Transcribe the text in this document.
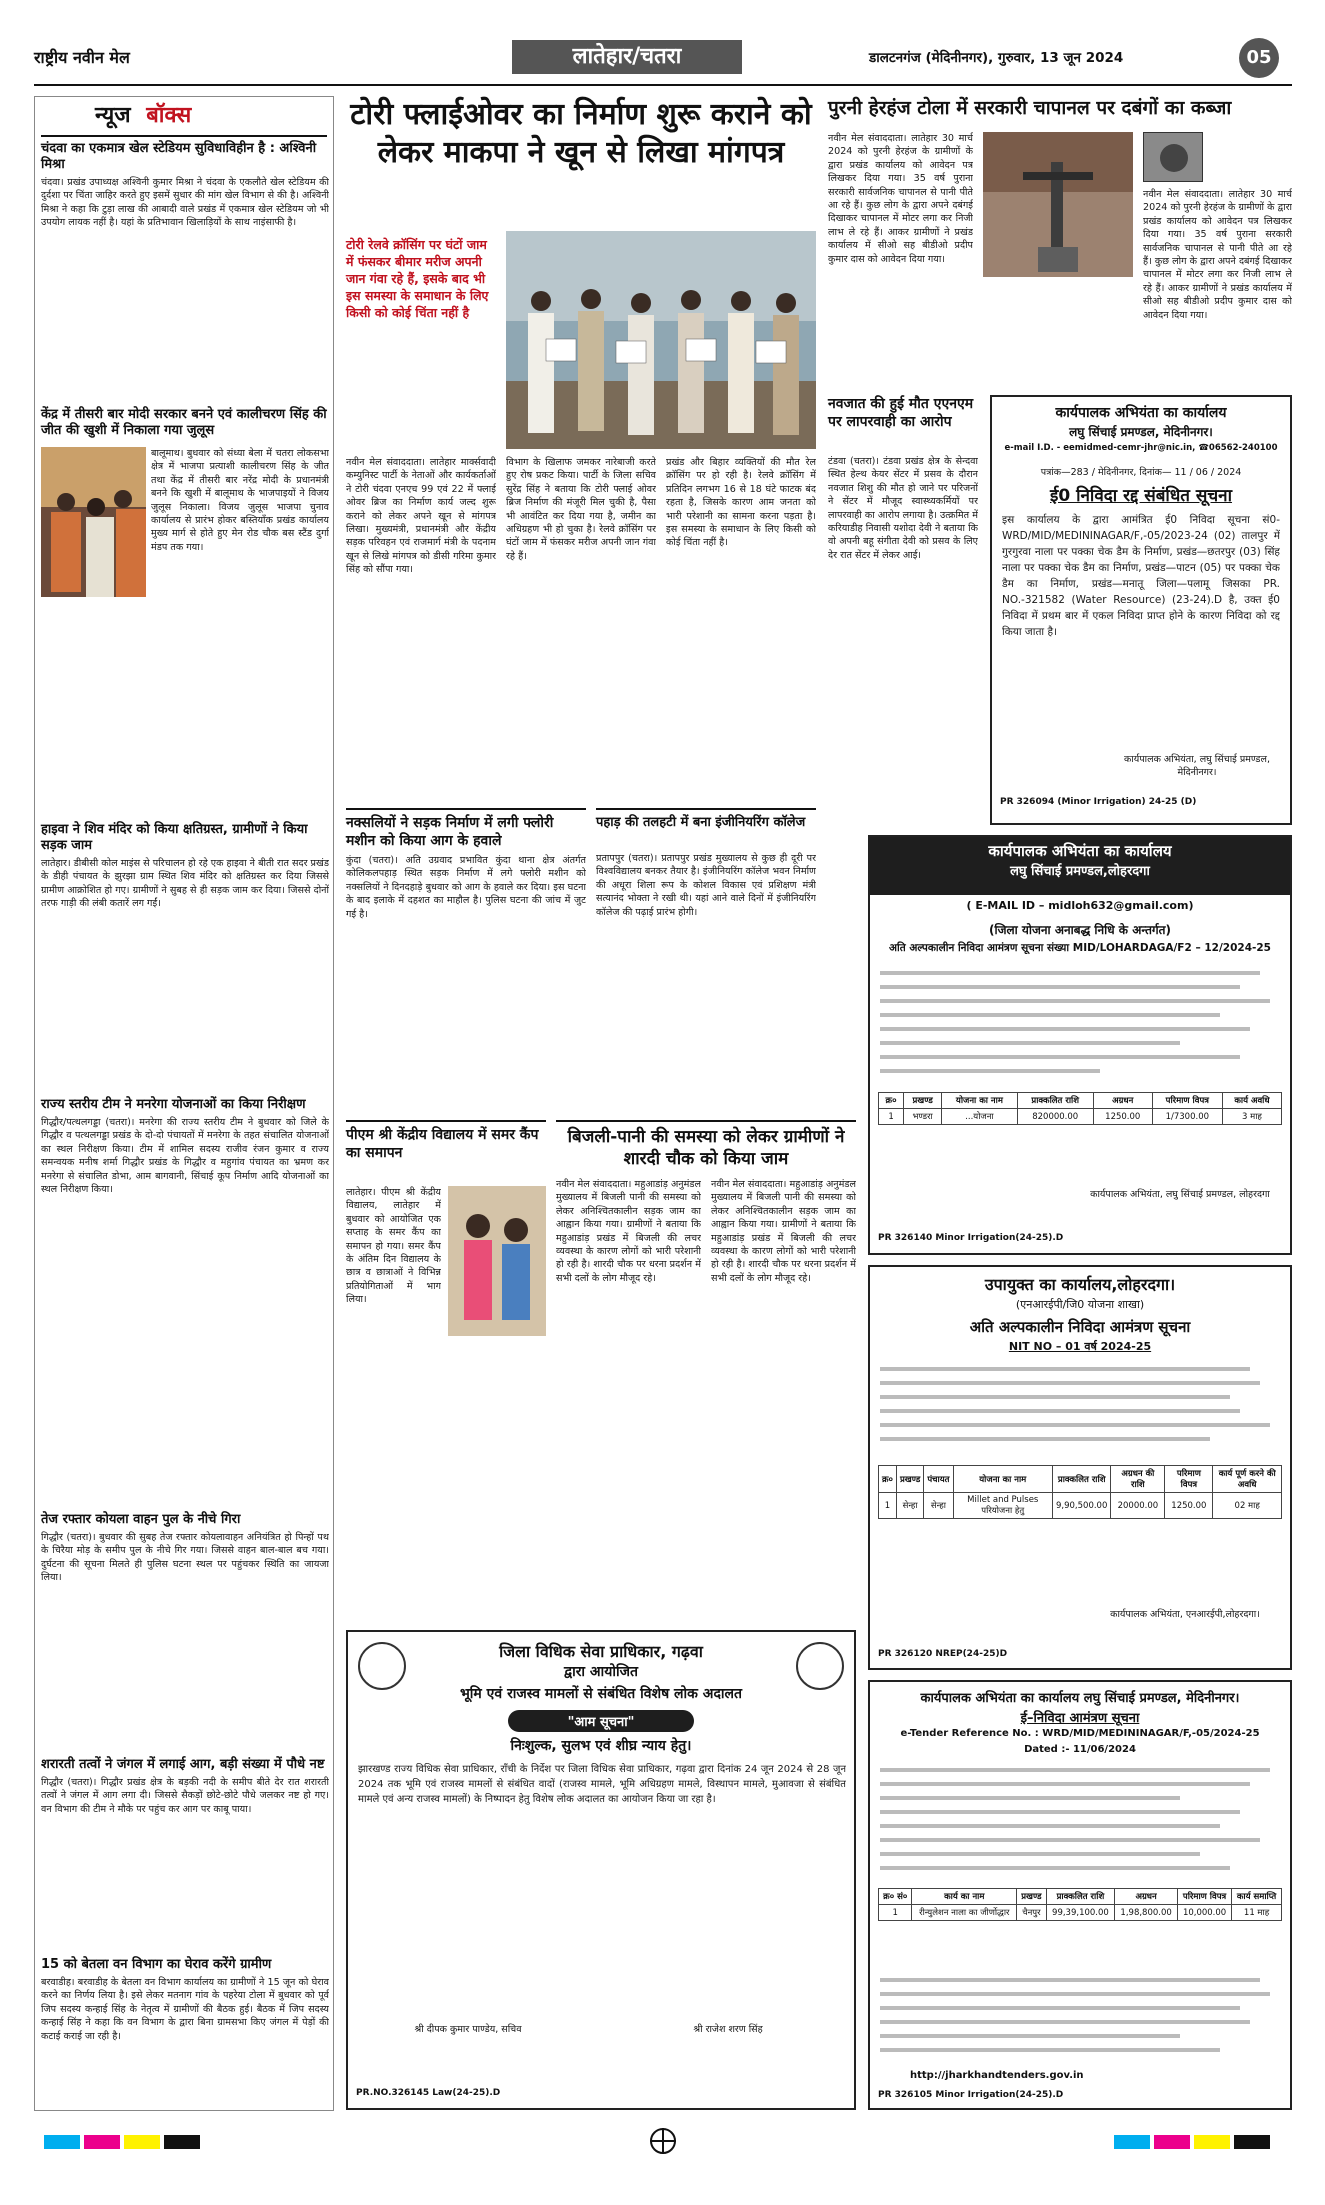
राष्ट्रीय नवीन मेल	लातेहार/चतरा	डालटनगंज (मेदिनीनगर), गुरुवार, 13 जून 2024	05
न्यूज बॉक्स
चंदवा का एकमात्र खेल स्टेडियम सुविधाविहीन है : अश्विनी मिश्रा
चंदवा। प्रखंड उपाध्यक्ष अश्विनी कुमार मिश्रा ने चंदवा के एकलौते खेल स्टेडियम की दुर्दशा पर चिंता जाहिर करते हुए इसमें सुधार की मांग खेल विभाग से की है। अश्विनी मिश्रा ने कहा कि टुड़ा लाख की आबादी वाले प्रखंड में एकमात्र खेल स्टेडियम जो भी उपयोग लायक नहीं है। यहां के प्रतिभावान खिलाड़ियों के साथ नाइंसाफी है।
केंद्र में तीसरी बार मोदी सरकार बनने एवं कालीचरण सिंह की जीत की खुशी में निकाला गया जुलूस
बालूमाथ। बुधवार को संध्या बेला में चतरा लोकसभा क्षेत्र में भाजपा प्रत्याशी कालीचरण सिंह के जीत तथा केंद्र में तीसरी बार नरेंद्र मोदी के प्रधानमंत्री बनने कि खुशी में बालूमाथ के भाजपाइयों ने विजय जुलूस निकाला। विजय जुलूस भाजपा चुनाव कार्यालय से प्रारंभ होकर बस्तियाँक प्रखंड कार्यालय मुख्य मार्ग से होते हुए मेन रोड चौक बस स्टैंड दुर्गा मंडप तक गया।
हाइवा ने शिव मंदिर को किया क्षतिग्रस्त, ग्रामीणों ने किया सड़क जाम
लातेहार। डीबीसी कोल माइंस से परिचालन हो रहे एक हाइवा ने बीती रात सदर प्रखंड के डीही पंचायत के झुरझा ग्राम स्थित शिव मंदिर को क्षतिग्रस्त कर दिया जिससे ग्रामीण आक्रोशित हो गए। ग्रामीणों ने सुबह से ही सड़क जाम कर दिया। जिससे दोनों तरफ गाड़ी की लंबी कतारें लग गईं।
राज्य स्तरीय टीम ने मनरेगा योजनाओं का किया निरीक्षण
गिद्धौर/पत्थलगड्डा (चतरा)। मनरेगा की राज्य स्तरीय टीम ने बुधवार को जिले के गिद्धौर व पत्थलगड्डा प्रखंड के दो-दो पंचायतों में मनरेगा के तहत संचालित योजनाओं का स्थल निरीक्षण किया। टीम में शामिल सदस्य राजीव रंजन कुमार व राज्य समन्वयक मनीष शर्मा गिद्धौर प्रखंड के गिद्धौर व महुगांव पंचायत का भ्रमण कर मनरेगा से संचालित डोभा, आम बागवानी, सिंचाई कूप निर्माण आदि योजनाओं का स्थल निरीक्षण किया।
तेज रफ्तार कोयला वाहन पुल के नीचे गिरा
गिद्धौर (चतरा)। बुधवार की सुबह तेज रफ्तार कोयलावाहन अनियंत्रित हो पिन्हों पथ के चिरैया मोड़ के समीप पुल के नीचे गिर गया। जिससे वाहन बाल-बाल बच गया। दुर्घटना की सूचना मिलते ही पुलिस घटना स्थल पर पहुंचकर स्थिति का जायजा लिया।
शरारती तत्वों ने जंगल में लगाई आग, बड़ी संख्या में पौधे नष्ट
गिद्धौर (चतरा)। गिद्धौर प्रखंड क्षेत्र के बड़की नदी के समीप बीते देर रात शरारती तत्वों ने जंगल में आग लगा दी। जिससे सैकड़ों छोटे-छोटे पौधे जलकर नष्ट हो गए। वन विभाग की टीम ने मौके पर पहुंच कर आग पर काबू पाया।
15 को बेतला वन विभाग का घेराव करेंगे ग्रामीण
बरवाडीह। बरवाडीह के बेतला वन विभाग कार्यालय का ग्रामीणों ने 15 जून को घेराव करने का निर्णय लिया है। इसे लेकर मतनाग गांव के पहरेया टोला में बुधवार को पूर्व जिप सदस्य कन्हाई सिंह के नेतृत्व में ग्रामीणों की बैठक हुई। बैठक में जिप सदस्य कन्हाई सिंह ने कहा कि वन विभाग के द्वारा बिना ग्रामसभा किए जंगल में पेड़ों की कटाई कराई जा रही है।
टोरी फ्लाईओवर का निर्माण शुरू कराने को लेकर माकपा ने खून से लिखा मांगपत्र
टोरी रेलवे क्रॉसिंग पर घंटों जाम में फंसकर बीमार मरीज अपनी जान गंवा रहे हैं, इसके बाद भी इस समस्या के समाधान के लिए किसी को कोई चिंता नहीं है
नवीन मेल संवाददाता। लातेहार मार्क्सवादी कम्युनिस्ट पार्टी के नेताओं और कार्यकर्ताओं ने टोरी चंदवा एनएच 99 एवं 22 में फ्लाई ओवर ब्रिज का निर्माण कार्य जल्द शुरू कराने को लेकर अपने खून से मांगपत्र लिखा। मुख्यमंत्री, प्रधानमंत्री और केंद्रीय सड़क परिवहन एवं राजमार्ग मंत्री के पदनाम खून से लिखे मांगपत्र को डीसी गरिमा कुमार सिंह को सौंपा गया।
विभाग के खिलाफ जमकर नारेबाजी करते हुए रोष प्रकट किया। पार्टी के जिला सचिव सुरेंद्र सिंह ने बताया कि टोरी फ्लाई ओवर ब्रिज निर्माण की मंजूरी मिल चुकी है, पैसा भी आवंटित कर दिया गया है, जमीन का अधिग्रहण भी हो चुका है। रेलवे क्रॉसिंग पर घंटों जाम में फंसकर मरीज अपनी जान गंवा रहे हैं।
प्रखंड और बिहार व्यक्तियों की मौत रेल क्रॉसिंग पर हो रही है। रेलवे क्रॉसिंग में प्रतिदिन लगभग 16 से 18 घंटे फाटक बंद रहता है, जिसके कारण आम जनता को भारी परेशानी का सामना करना पड़ता है। इस समस्या के समाधान के लिए किसी को कोई चिंता नहीं है।
पुरनी हेरहंज टोला में सरकारी चापानल पर दबंगों का कब्जा
नवीन मेल संवाददाता। लातेहार 30 मार्च 2024 को पुरनी हेरहंज के ग्रामीणों के द्वारा प्रखंड कार्यालय को आवेदन पत्र लिखकर दिया गया। 35 वर्ष पुराना सरकारी सार्वजनिक चापानल से पानी पीते आ रहे हैं। कुछ लोग के द्वारा अपने दबंगई दिखाकर चापानल में मोटर लगा कर निजी लाभ ले रहे हैं। आकर ग्रामीणों ने प्रखंड कार्यालय में सीओ सह बीडीओ प्रदीप कुमार दास को आवेदन दिया गया।
नवीन मेल संवाददाता। लातेहार 30 मार्च 2024 को पुरनी हेरहंज के ग्रामीणों के द्वारा प्रखंड कार्यालय को आवेदन पत्र लिखकर दिया गया। 35 वर्ष पुराना सरकारी सार्वजनिक चापानल से पानी पीते आ रहे हैं। कुछ लोग के द्वारा अपने दबंगई दिखाकर चापानल में मोटर लगा कर निजी लाभ ले रहे हैं। आकर ग्रामीणों ने प्रखंड कार्यालय में सीओ सह बीडीओ प्रदीप कुमार दास को आवेदन दिया गया।
नवजात की हुई मौत एएनएम पर लापरवाही का आरोप
टंडवा (चतरा)। टंडवा प्रखंड क्षेत्र के सेन्दवा स्थित हेल्थ केयर सेंटर में प्रसव के दौरान नवजात शिशु की मौत हो जाने पर परिजनों ने सेंटर में मौजूद स्वास्थ्यकर्मियों पर लापरवाही का आरोप लगाया है। उत्क्रमित में करियाडीह निवासी यशोदा देवी ने बताया कि वो अपनी बहू संगीता देवी को प्रसव के लिए देर रात सेंटर में लेकर आई।
कार्यपालक अभियंता का कार्यालय
लघु सिंचाई प्रमण्डल, मेदिनीनगर।
e-mail I.D. - eemidmed-cemr-jhr@nic.in, ☎06562-240100
पत्रांक—283 / मेदिनीनगर, दिनांक— 11 / 06 / 2024
ई0 निविदा रद्द संबंधित सूचना
इस कार्यालय के द्वारा आमंत्रित ई0 निविदा सूचना सं0-WRD/MID/MEDININAGAR/F,-05/2023-24 (02) तालपुर में गुरगुरवा नाला पर पक्का चेक डैम के निर्माण, प्रखंड—छतरपुर (03) सिंह नाला पर पक्का चेक डैम का निर्माण, प्रखंड—पाटन (05) पर पक्का चेक डैम का निर्माण, प्रखंड—मनातू जिला—पलामू जिसका PR. NO.-321582 (Water Resource) (23-24).D है, उक्त ई0 निविदा में प्रथम बार में एकल निविदा प्राप्त होने के कारण निविदा को रद्द किया जाता है।
कार्यपालक अभियंता, लघु सिंचाई प्रमण्डल, मेदिनीनगर।
PR 326094 (Minor Irrigation) 24-25 (D)
नक्सलियों ने सड़क निर्माण में लगी फ्लोरी मशीन को किया आग के हवाले
कुंदा (चतरा)। अति उग्रवाद प्रभावित कुंदा थाना क्षेत्र अंतर्गत कोलिकलपहाड़ स्थित सड़क निर्माण में लगे फ्लोरी मशीन को नक्सलियों ने दिनदहाड़े बुधवार को आग के हवाले कर दिया। इस घटना के बाद इलाके में दहशत का माहौल है। पुलिस घटना की जांच में जुट गई है।
पहाड़ की तलहटी में बना इंजीनियरिंग कॉलेज
प्रतापपुर (चतरा)। प्रतापपुर प्रखंड मुख्यालय से कुछ ही दूरी पर विश्वविद्यालय बनकर तैयार है। इंजीनियरिंग कॉलेज भवन निर्माण की अधूरा शिला रूप के कोशल विकास एवं प्रशिक्षण मंत्री सत्यानंद भोक्ता ने रखी थी। यहां आने वाले दिनों में इंजीनियरिंग कॉलेज की पढ़ाई प्रारंभ होगी।
कार्यपालक अभियंता का कार्यालय
लघु सिंचाई प्रमण्डल,लोहरदगा
( E-MAIL ID – midloh632@gmail.com)
(जिला योजना अनाबद्ध निधि के अन्तर्गत)
अति अल्पकालीन निविदा आमंत्रण सूचना संख्या MID/LOHARDAGA/F2 – 12/2024-25
क्र०	प्रखण्ड	योजना का नाम	प्राक्कलित राशि	अग्रधन	परिमाण विपत्र	कार्य अवधि
1	भण्डरा	...योजना	820000.00	1250.00	1/7300.00	3 माह
कार्यपालक अभियंता, लघु सिंचाई प्रमण्डल, लोहरदगा
PR 326140 Minor Irrigation(24-25).D
पीएम श्री केंद्रीय विद्यालय में समर कैंप का समापन
लातेहार। पीएम श्री केंद्रीय विद्यालय, लातेहार में बुधवार को आयोजित एक सप्ताह के समर कैंप का समापन हो गया। समर कैंप के अंतिम दिन विद्यालय के छात्र व छात्राओं ने विभिन्न प्रतियोगिताओं में भाग लिया।
बिजली-पानी की समस्या को लेकर ग्रामीणों ने शारदी चौक को किया जाम
नवीन मेल संवाददाता। महुआडांड़ अनुमंडल मुख्यालय में बिजली पानी की समस्या को लेकर अनिश्चितकालीन सड़क जाम का आह्वान किया गया। ग्रामीणों ने बताया कि महुआडांड़ प्रखंड में बिजली की लचर व्यवस्था के कारण लोगों को भारी परेशानी हो रही है। शारदी चौक पर धरना प्रदर्शन में सभी दलों के लोग मौजूद रहे।
नवीन मेल संवाददाता। महुआडांड़ अनुमंडल मुख्यालय में बिजली पानी की समस्या को लेकर अनिश्चितकालीन सड़क जाम का आह्वान किया गया। ग्रामीणों ने बताया कि महुआडांड़ प्रखंड में बिजली की लचर व्यवस्था के कारण लोगों को भारी परेशानी हो रही है। शारदी चौक पर धरना प्रदर्शन में सभी दलों के लोग मौजूद रहे।	उपायुक्त का कार्यालय,लोहरदगा।
(एनआरईपी/जि0 योजना शाखा)
अति अल्पकालीन निविदा आमंत्रण सूचना
NIT NO – 01 वर्ष 2024-25
क्र०	प्रखण्ड	पंचायत	योजना का नाम	प्राक्कलित राशि	अग्रधन की राशि	परिमाण विपत्र	कार्य पूर्ण करने की अवधि
1	सेन्हा	सेन्हा	Millet and Pulses परियोजना हेतु	9,90,500.00	20000.00	1250.00	02 माह
कार्यपालक अभियंता, एनआरईपी,लोहरदगा।
PR 326120 NREP(24-25)D
जिला विधिक सेवा प्राधिकार, गढ़वा
द्वारा आयोजित
भूमि एवं राजस्व मामलों से संबंधित विशेष लोक अदालत
"आम सूचना"
निःशुल्क, सुलभ एवं शीघ्र न्याय हेतु।
झारखण्ड राज्य विधिक सेवा प्राधिकार, राँची के निर्देश पर जिला विधिक सेवा प्राधिकार, गढ़वा द्वारा दिनांक 24 जून 2024 से 28 जून 2024 तक भूमि एवं राजस्व मामलों से संबंधित वादों (राजस्व मामले, भूमि अधिग्रहण मामले, विस्थापन मामले, मुआवजा से संबंधित मामले एवं अन्य राजस्व मामलों) के निष्पादन हेतु विशेष लोक अदालत का आयोजन किया जा रहा है।
श्री दीपक कुमार पाण्डेय, सचिव	श्री राजेश शरण सिंह
PR.NO.326145 Law(24-25).D
कार्यपालक अभियंता का कार्यालय लघु सिंचाई प्रमण्डल, मेदिनीनगर।
ई–निविदा आमंत्रण सूचना
e-Tender Reference No. : WRD/MID/MEDININAGAR/F,-05/2024-25
Dated :- 11/06/2024
क्र० सं०	कार्य का नाम	प्रखण्ड	प्राक्कलित राशि	अग्रधन	परिमाण विपत्र	कार्य समाप्ति
1	रीन्युलेशन नाला का जीर्णोद्धार	चैनपुर	99,39,100.00	1,98,800.00	10,000.00	11 माह
http://jharkhandtenders.gov.in
PR 326105 Minor Irrigation(24-25).D
